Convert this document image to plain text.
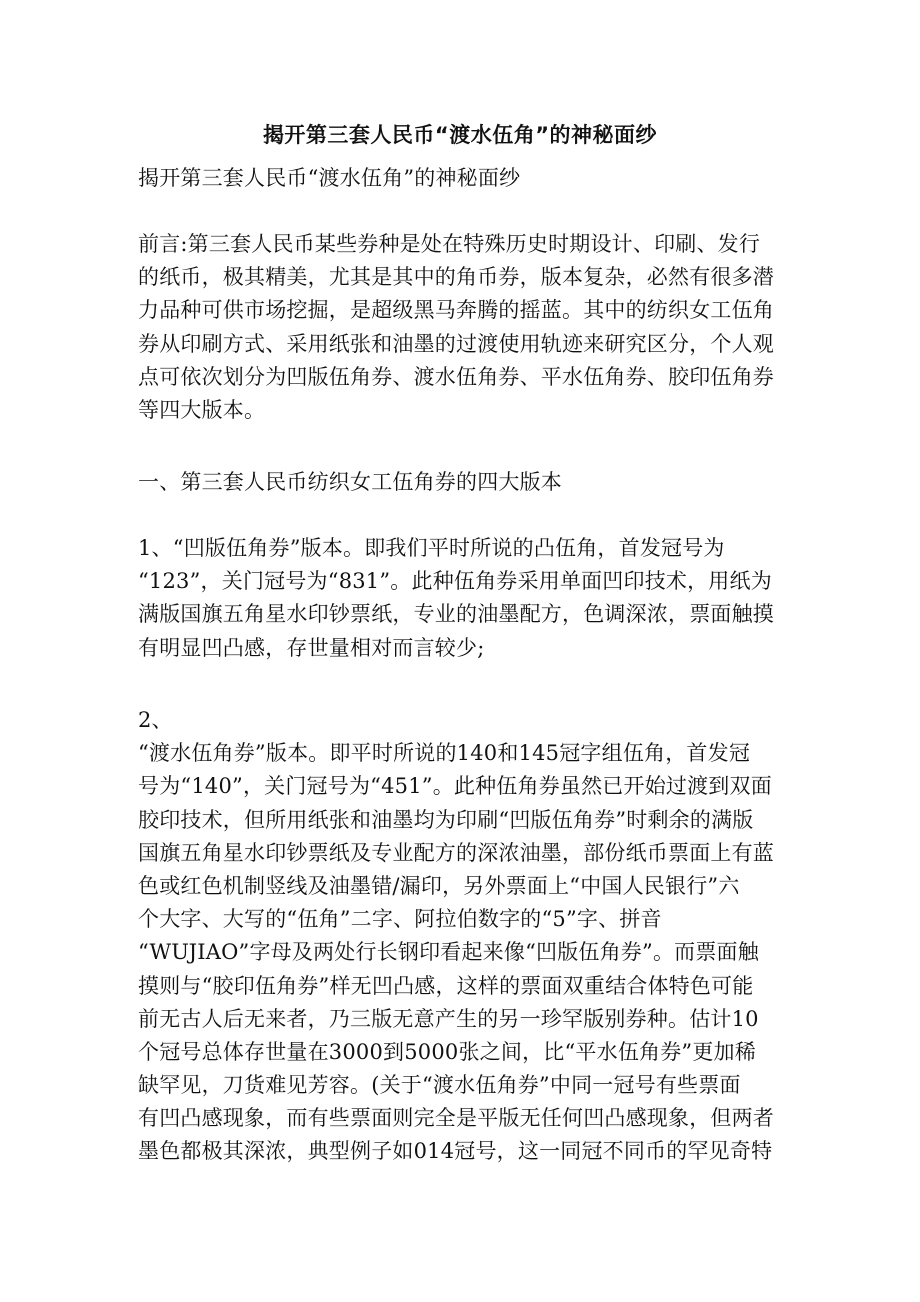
揭开第三套人民币“渡水伍角”的神秘面纱
揭开第三套人民币“渡水伍角”的神秘面纱
前言:第三套人民币某些券种是处在特殊历史时期设计、印刷、发行
的纸币，极其精美，尤其是其中的角币券，版本复杂，必然有很多潜
力品种可供市场挖掘，是超级黑马奔腾的摇蓝。其中的纺织女工伍角
券从印刷方式、采用纸张和油墨的过渡使用轨迹来研究区分，个人观
点可依次划分为凹版伍角券、渡水伍角券、平水伍角券、胶印伍角券
等四大版本。
一、第三套人民币纺织女工伍角券的四大版本
1、“凹版伍角券”版本。即我们平时所说的凸伍角，首发冠号为
“123”，关门冠号为“831”。此种伍角券采用单面凹印技术，用纸为
满版国旗五角星水印钞票纸，专业的油墨配方，色调深浓，票面触摸
有明显凹凸感，存世量相对而言较少;
2、
“渡水伍角券”版本。即平时所说的140和145冠字组伍角，首发冠
号为“140”，关门冠号为“451”。此种伍角券虽然已开始过渡到双面
胶印技术，但所用纸张和油墨均为印刷“凹版伍角券”时剩余的满版
国旗五角星水印钞票纸及专业配方的深浓油墨，部份纸币票面上有蓝
色或红色机制竖线及油墨错/漏印，另外票面上“中国人民银行”六
个大字、大写的“伍角”二字、阿拉伯数字的“5”字、拼音
“WUJIAO”字母及两处行长钢印看起来像“凹版伍角券”。而票面触
摸则与“胶印伍角券”样无凹凸感，这样的票面双重结合体特色可能
前无古人后无来者，乃三版无意产生的另一珍罕版别券种。估计10
个冠号总体存世量在3000到5000张之间，比“平水伍角券”更加稀
缺罕见，刀货难见芳容。(关于“渡水伍角券”中同一冠号有些票面
有凹凸感现象，而有些票面则完全是平版无任何凹凸感现象，但两者
墨色都极其深浓，典型例子如014冠号，这一同冠不同币的罕见奇特
